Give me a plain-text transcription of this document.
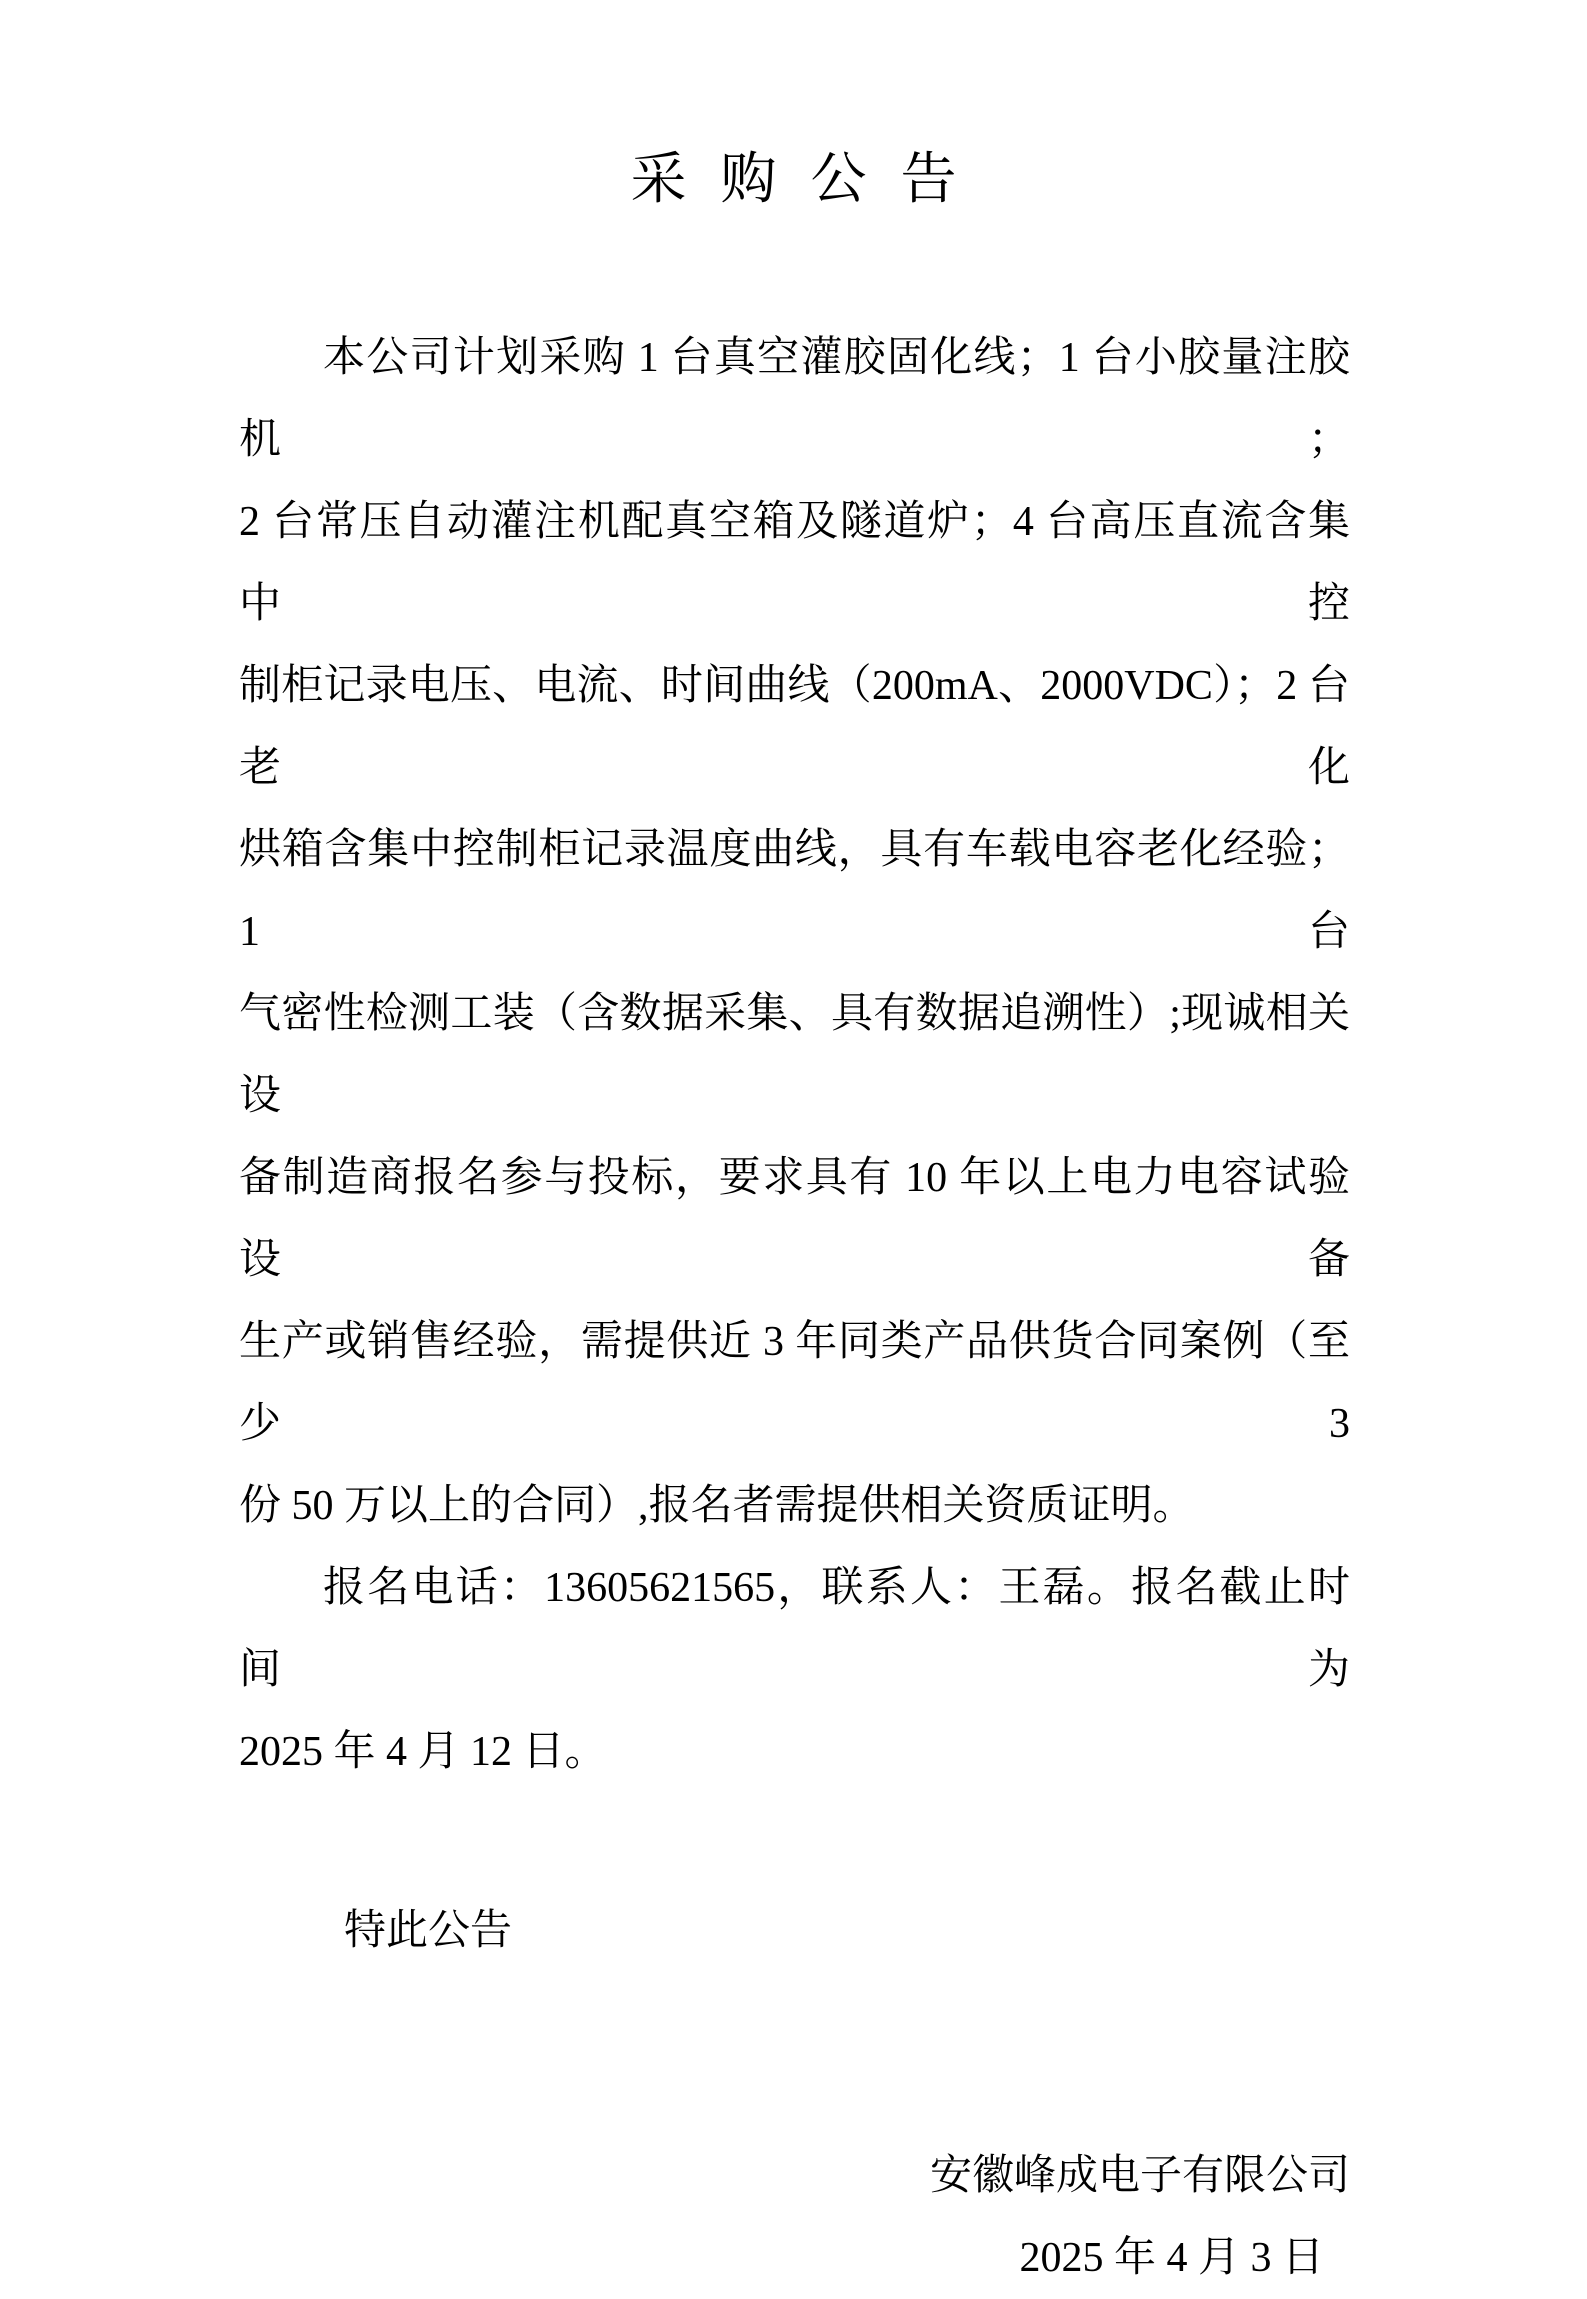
采购公告
本公司计划采购 1 台真空灌胶固化线；1 台小胶量注胶机；
2 台常压自动灌注机配真空箱及隧道炉；4 台高压直流含集中控
制柜记录电压、电流、时间曲线（200mA、2000VDC）；2 台老化
烘箱含集中控制柜记录温度曲线，具有车载电容老化经验；1 台
气密性检测工装（含数据采集、具有数据追溯性）;现诚相关设
备制造商报名参与投标，要求具有 10 年以上电力电容试验设备
生产或销售经验，需提供近 3 年同类产品供货合同案例（至少 3
份 50 万以上的合同）,报名者需提供相关资质证明。
报名电话：13605621565，联系人：王磊。报名截止时间为
2025 年 4 月 12 日。
特此公告
安徽峰成电子有限公司
2025 年 4 月 3 日
